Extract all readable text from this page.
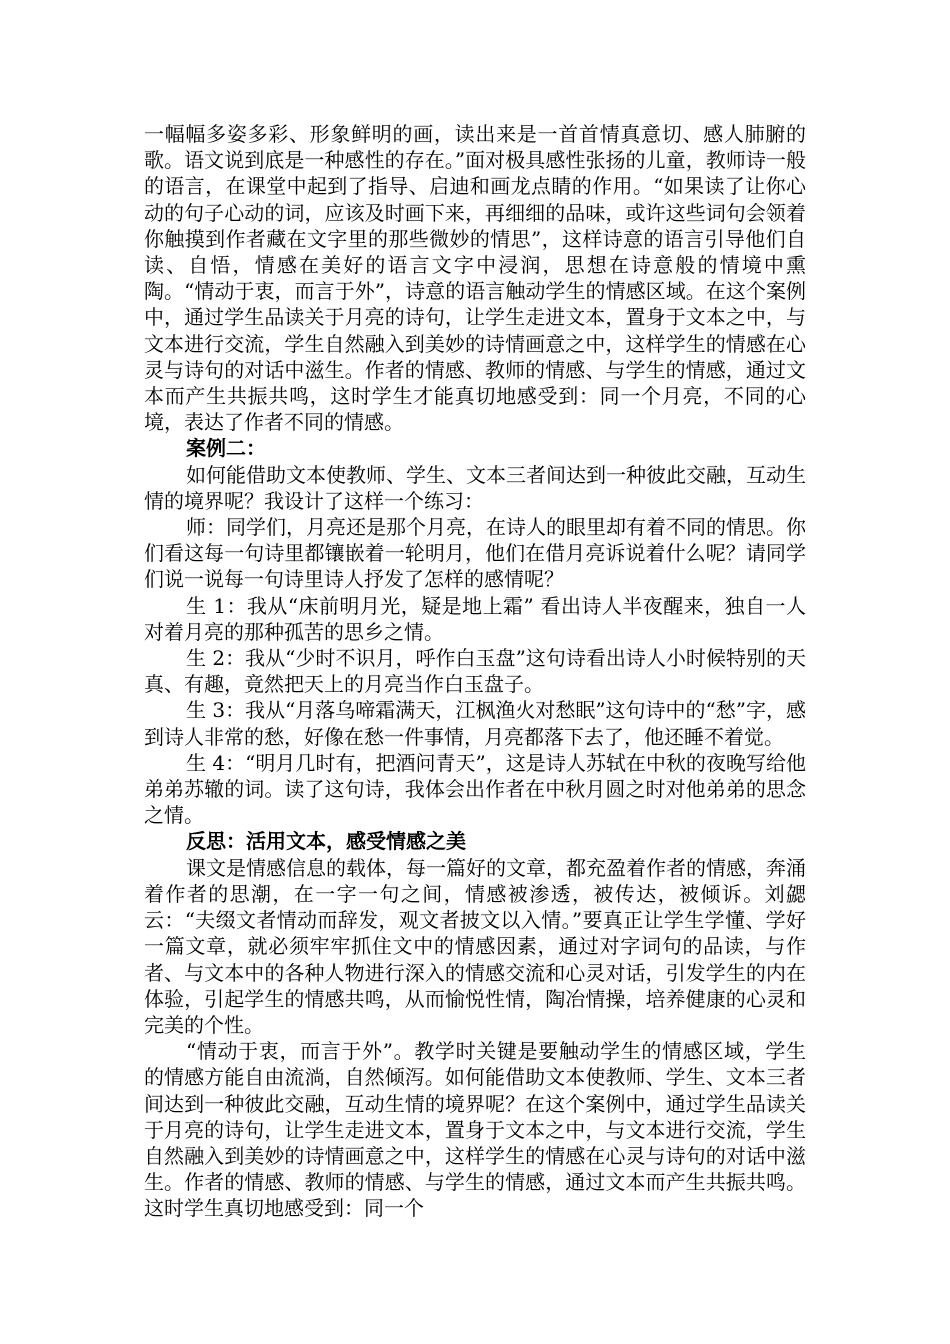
一幅幅多姿多彩、形象鲜明的画，读出来是一首首情真意切、感人肺腑的歌。语文说到底是一种感性的存在。”面对极具感性张扬的儿童，教师诗一般的语言，在课堂中起到了指导、启迪和画龙点睛的作用。“如果读了让你心动的句子心动的词，应该及时画下来，再细细的品味，或许这些词句会领着你触摸到作者藏在文字里的那些微妙的情思”，这样诗意的语言引导他们自读、自悟，情感在美好的语言文字中浸润，思想在诗意般的情境中熏陶。“情动于衷，而言于外”，诗意的语言触动学生的情感区域。在这个案例中，通过学生品读关于月亮的诗句，让学生走进文本，置身于文本之中，与文本进行交流，学生自然融入到美妙的诗情画意之中，这样学生的情感在心灵与诗句的对话中滋生。作者的情感、教师的情感、与学生的情感，通过文本而产生共振共鸣，这时学生才能真切地感受到：同一个月亮，不同的心境，表达了作者不同的情感。

案例二：

如何能借助文本使教师、学生、文本三者间达到一种彼此交融，互动生情的境界呢？我设计了这样一个练习：

师：同学们，月亮还是那个月亮，在诗人的眼里却有着不同的情思。你们看这每一句诗里都镶嵌着一轮明月，他们在借月亮诉说着什么呢？请同学们说一说每一句诗里诗人抒发了怎样的感情呢？

生 1：我从“床前明月光，疑是地上霜” 看出诗人半夜醒来，独自一人对着月亮的那种孤苦的思乡之情。

生 2：我从“少时不识月，呼作白玉盘”这句诗看出诗人小时候特别的天真、有趣，竟然把天上的月亮当作白玉盘子。

生 3：我从“月落乌啼霜满天，江枫渔火对愁眠”这句诗中的“愁”字，感到诗人非常的愁，好像在愁一件事情，月亮都落下去了，他还睡不着觉。

生 4：“明月几时有，把酒问青天”，这是诗人苏轼在中秋的夜晚写给他弟弟苏辙的词。读了这句诗，我体会出作者在中秋月圆之时对他弟弟的思念之情。

反思：活用文本，感受情感之美

课文是情感信息的载体，每一篇好的文章，都充盈着作者的情感，奔涌着作者的思潮，在一字一句之间，情感被渗透，被传达，被倾诉。刘勰云：“夫缀文者情动而辞发，观文者披文以入情。”要真正让学生学懂、学好一篇文章，就必须牢牢抓住文中的情感因素，通过对字词句的品读，与作者、与文本中的各种人物进行深入的情感交流和心灵对话，引发学生的内在体验，引起学生的情感共鸣，从而愉悦性情，陶冶情操，培养健康的心灵和完美的个性。

“情动于衷，而言于外”。教学时关键是要触动学生的情感区域，学生的情感方能自由流淌，自然倾泻。如何能借助文本使教师、学生、文本三者间达到一种彼此交融，互动生情的境界呢？在这个案例中，通过学生品读关于月亮的诗句，让学生走进文本，置身于文本之中，与文本进行交流，学生自然融入到美妙的诗情画意之中，这样学生的情感在心灵与诗句的对话中滋生。作者的情感、教师的情感、与学生的情感，通过文本而产生共振共鸣。这时学生真切地感受到：同一个
